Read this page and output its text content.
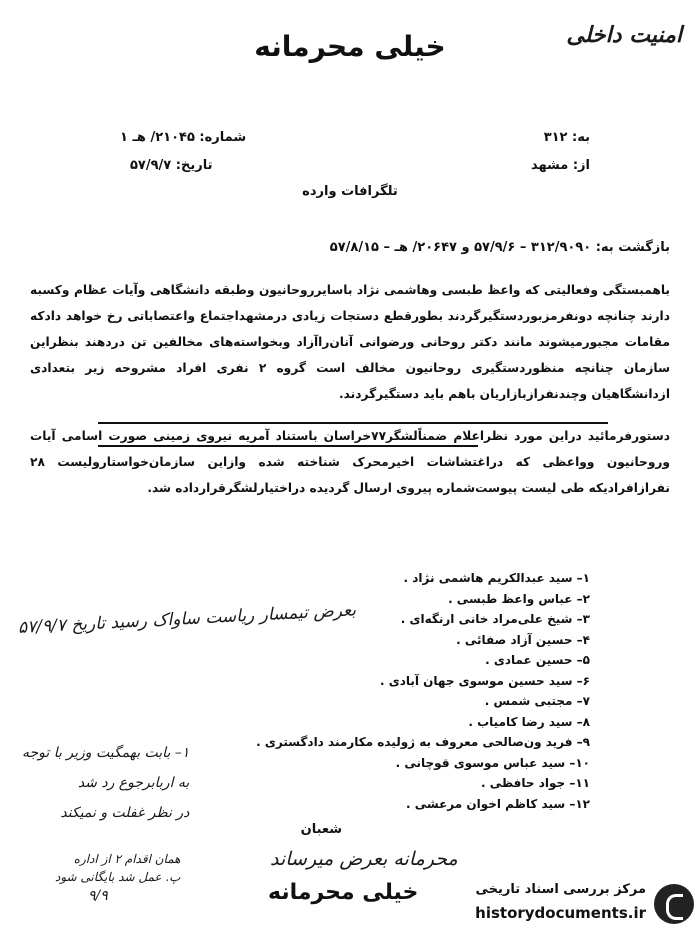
امنیت داخلی
خیلی محرمانه
به: ۳۱۲
از: مشهد
تلگرافات وارده
شماره: ۲۱۰۴۵/ هـ ۱
تاریخ: ۵۷/۹/۷
بازگشت به: ۳۱۲/۹۰۹۰ – ۵۷/۹/۶ و ۲۰۶۴۷/ هـ – ۵۷/۸/۱۵
باهمبستگی وفعالیتی که واعظ طبسی وهاشمی نژاد باسایرروحانیون وطبقه دانشگاهی وآیات عظام وکسبه دارند چنانچه دونفرمزبوردستگیرگردند بطورقطع دستجات زیادی درمشهداجتماع واعتصاباتی رخ خواهد دادکه مقامات مجبورمیشوند مانند دکتر روحانی ورضوانی آنان‌راآزاد وبخواسته‌های مخالفین تن دردهند بنظراین سازمان چنانچه منظوردستگیری روحانیون مخالف است گروه ۲ نفری افراد مشروحه زیر بتعدادی ازدانشگاهیان وچندنفرازبازاریان باهم باید دستگیرگردند.
دستورفرمائید دراین مورد نظراعلام ضمناًلشگر۷۷خراسان باستناد آمریه نیروی زمینی صورت اسامی آیات وروحانیون وواعظی که دراغتشاشات اخیرمحرک شناخته شده وازاین سازمان‌خواستارولیست ۲۸ نفرازافرادیکه طی لیست پیوست‌شماره پیروی ارسال گردیده دراختیارلشگرقرارداده شد.
۱– سید عبدالکریم هاشمی نژاد .
۲– عباس واعظ طبسی .
۳– شیخ علی‌مراد خانی ارنگه‌ای .
۴– حسین آزاد صفائی .
۵– حسین عمادی .
۶– سید حسین موسوی جهان آبادی .
۷– مجتبی شمس .
۸– سید رضا کامیاب .
۹– فرید ون‌صالحی معروف به ژولیده مکارمند دادگستری .
۱۰– سید عباس موسوی قوچانی .
۱۱– جواد حافظی .
۱۲– سید کاظم اخوان مرعشی .
بعرض تیمسار ریاست ساواک رسید تاریخ ۵۷/۹/۷
۱– بابت بهمگیت وزیر با توجه
به اربابرجوع رد شد
در نظر غفلت و نمیکند
همان اقدام ۲ از اداره
پ. عمل شد بایگانی شود
۹/۹
شعبان
محرمانه بعرض میرساند
خیلی محرمانه	مرکز بررسی اسناد تاریخی
historydocuments.ir
